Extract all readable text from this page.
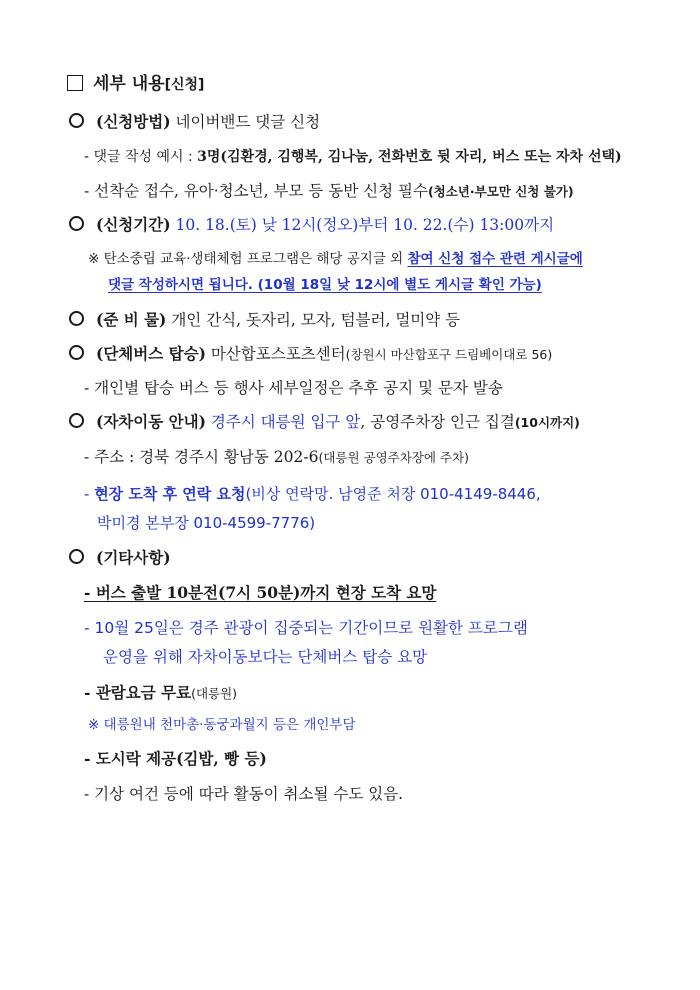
세부 내용[신청]
(신청방법) 네이버밴드 댓글 신청
- 댓글 작성 예시 : 3명(김환경, 김행복, 김나눔, 전화번호 뒷 자리, 버스 또는 자차 선택)
- 선착순 접수, 유아·청소년, 부모 등 동반 신청 필수(청소년·부모만 신청 불가)
(신청기간) 10. 18.(토) 낮 12시(정오)부터 10. 22.(수) 13:00까지
※ 탄소중립 교육·생태체험 프로그램은 해당 공지글 외 참여 신청 접수 관련 게시글에
댓글 작성하시면 됩니다. (10월 18일 낮 12시에 별도 게시글 확인 가능)
(준 비 물) 개인 간식, 돗자리, 모자, 텀블러, 멀미약 등
(단체버스 탑승) 마산합포스포츠센터(창원시 마산합포구 드림베이대로 56)
- 개인별 탑승 버스 등 행사 세부일정은 추후 공지 및 문자 발송
(자차이동 안내) 경주시 대릉원 입구 앞, 공영주차장 인근 집결(10시까지)
- 주소 : 경북 경주시 황남동 202-6(대릉원 공영주차장에 주차)
- 현장 도착 후 연락 요청(비상 연락망. 남영준 처장 010-4149-8446,
박미경 본부장 010-4599-7776)
(기타사항)
- 버스 출발 10분전(7시 50분)까지 현장 도착 요망
- 10월 25일은 경주 관광이 집중되는 기간이므로 원활한 프로그램
운영을 위해 자차이동보다는 단체버스 탑승 요망
- 관람요금 무료(대릉원)
※ 대릉원내 천마총·동궁과월지 등은 개인부담
- 도시락 제공(김밥, 빵 등)
- 기상 여건 등에 따라 활동이 취소될 수도 있음.
